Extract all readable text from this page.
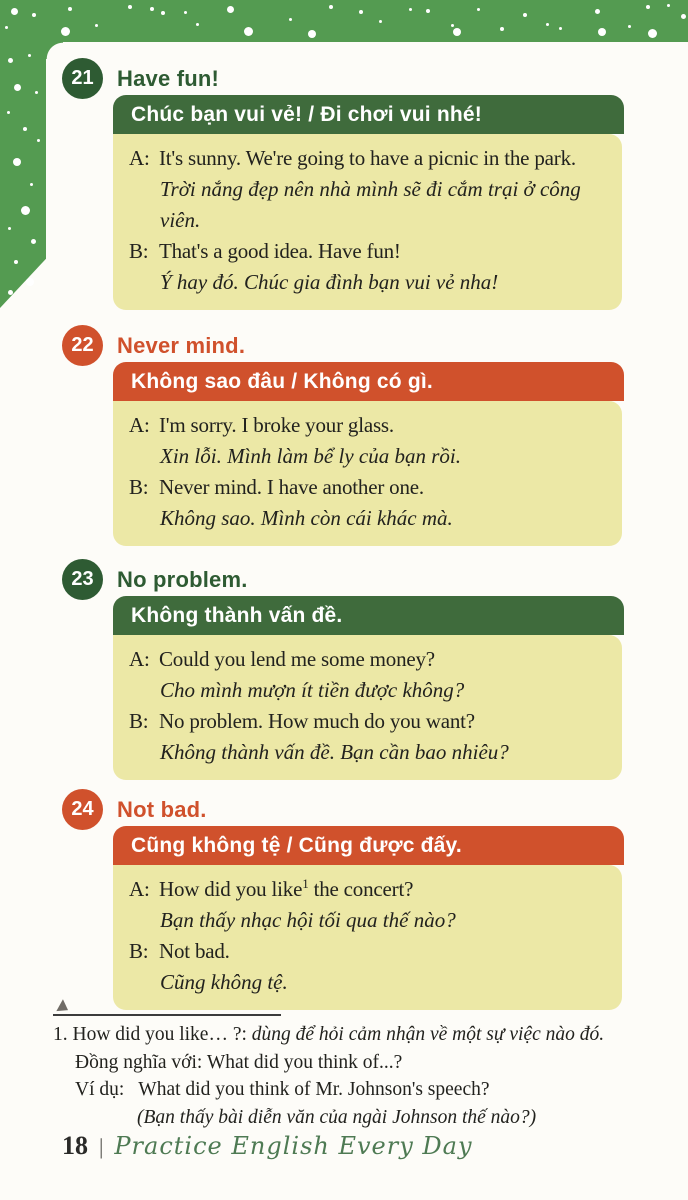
21	Have fun!
Chúc bạn vui vẻ! / Đi chơi vui nhé!
A: It's sunny. We're going to have a picnic in the park.
Trời nắng đẹp nên nhà mình sẽ đi cắm trại ở công viên.
B: That's a good idea. Have fun!
Ý hay đó. Chúc gia đình bạn vui vẻ nha!
22	Never mind.
Không sao đâu / Không có gì.
A: I'm sorry. I broke your glass.
Xin lỗi. Mình làm bể ly của bạn rồi.
B: Never mind. I have another one.
Không sao. Mình còn cái khác mà.
23	No problem.
Không thành vấn đề.
A: Could you lend me some money?
Cho mình mượn ít tiền được không?
B: No problem. How much do you want?
Không thành vấn đề. Bạn cần bao nhiêu?
24	Not bad.
Cũng không tệ / Cũng được đấy.
A: How did you like$^1$ the concert?
Bạn thấy nhạc hội tối qua thế nào?
B: Not bad.
Cũng không tệ.
1. How did you like… ?: dùng để hỏi cảm nhận về một sự việc nào đó.
Đồng nghĩa với: What did you think of...?
Ví dụ: What did you think of Mr. Johnson's speech?
(Bạn thấy bài diễn văn của ngài Johnson thế nào?)
18 | Practice English Every Day
